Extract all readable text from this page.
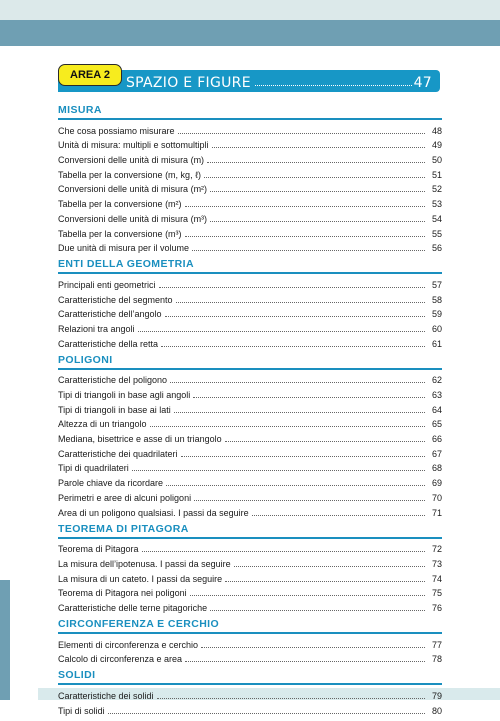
AREA 2	SPAZIO E FIGURE	47
MISURA
Che cosa possiamo misurare	48
Unità di misura: multipli e sottomultipli	49
Conversioni delle unità di misura (m)	50
Tabella per la conversione (m, kg, ℓ)	51
Conversioni delle unità di misura (m²)	52
Tabella per la conversione (m²)	53
Conversioni delle unità di misura (m³)	54
Tabella per la conversione (m³)	55
Due unità di misura per il volume	56
ENTI DELLA GEOMETRIA
Principali enti geometrici	57
Caratteristiche del segmento	58
Caratteristiche dell’angolo	59
Relazioni tra angoli	60
Caratteristiche della retta	61
POLIGONI
Caratteristiche del poligono	62
Tipi di triangoli in base agli angoli	63
Tipi di triangoli in base ai lati	64
Altezza di un triangolo	65
Mediana, bisettrice e asse di un triangolo	66
Caratteristiche dei quadrilateri	67
Tipi di quadrilateri	68
Parole chiave da ricordare	69
Perimetri e aree di alcuni poligoni	70
Area di un poligono qualsiasi. I passi da seguire	71
TEOREMA DI PITAGORA
Teorema di Pitagora	72
La misura dell’ipotenusa. I passi da seguire	73
La misura di un cateto. I passi da seguire	74
Teorema di Pitagora nei poligoni	75
Caratteristiche delle terne pitagoriche	76
CIRCONFERENZA E CERCHIO
Elementi di circonferenza e cerchio	77
Calcolo di circonferenza e area	78
SOLIDI
Caratteristiche dei solidi	79
Tipi di solidi	80
